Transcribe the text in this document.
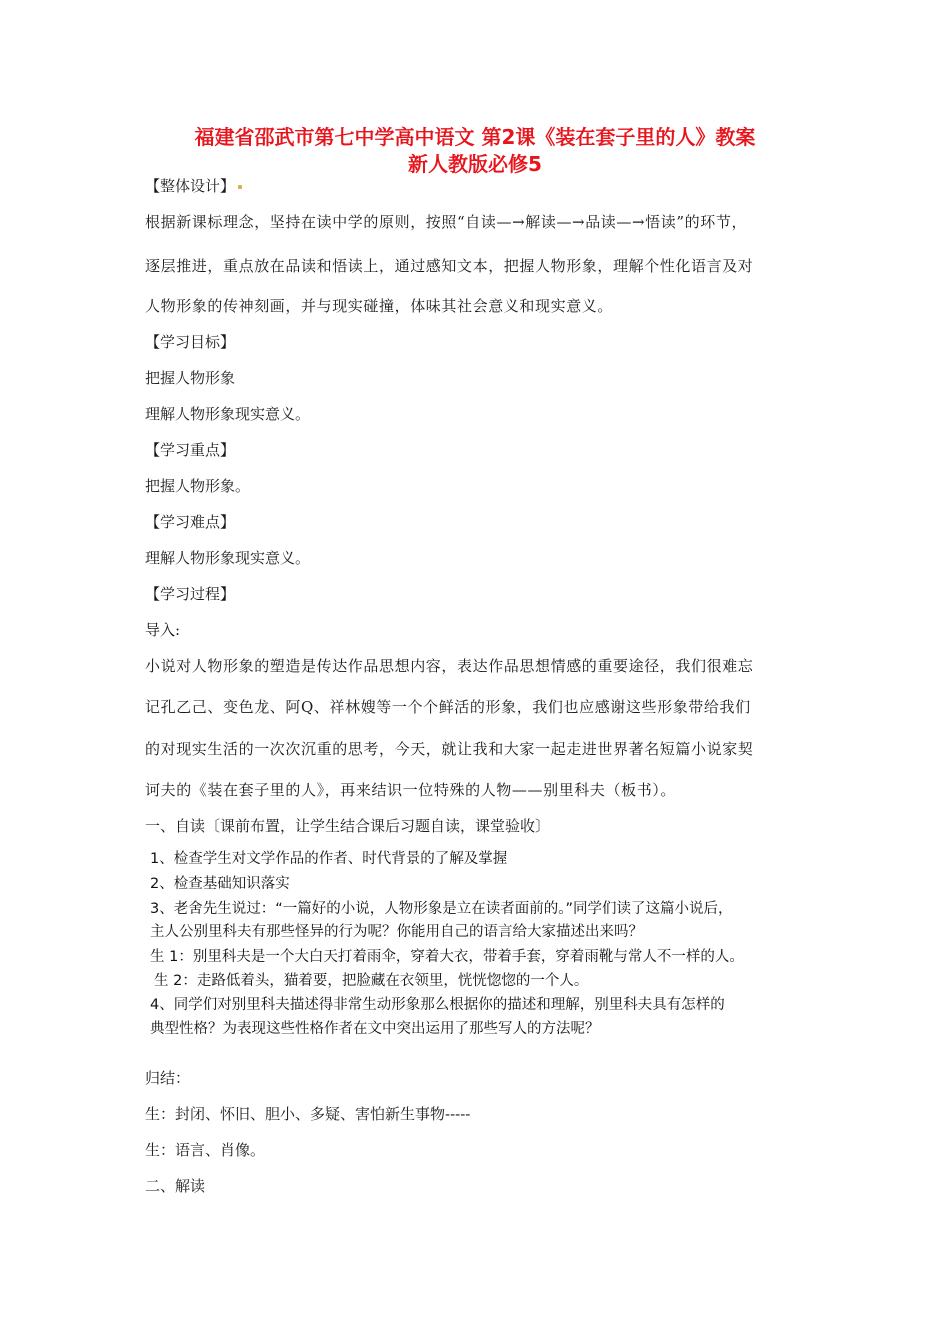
福建省邵武市第七中学高中语文 第2课《装在套子里的人》教案
新人教版必修5
【整体设计】
根据新课标理念，坚持在读中学的原则，按照“自读—→解读—→品读—→悟读”的环节，
逐层推进，重点放在品读和悟读上，通过感知文本，把握人物形象，理解个性化语言及对
人物形象的传神刻画，并与现实碰撞，体味其社会意义和现实意义。
【学习目标】
把握人物形象
理解人物形象现实意义。
【学习重点】
把握人物形象。
【学习难点】
理解人物形象现实意义。
【学习过程】
导入:
小说对人物形象的塑造是传达作品思想内容，表达作品思想情感的重要途径，我们很难忘
记孔乙己、变色龙、阿Q、祥林嫂等一个个鲜活的形象，我们也应感谢这些形象带给我们
的对现实生活的一次次沉重的思考，今天，就让我和大家一起走进世界著名短篇小说家契
诃夫的《装在套子里的人》，再来结识一位特殊的人物——别里科夫（板书）。
一、自读〔课前布置，让学生结合课后习题自读，课堂验收〕
1、检查学生对文学作品的作者、时代背景的了解及掌握
2、检查基础知识落实
3、老舍先生说过：“一篇好的小说，人物形象是立在读者面前的。”同学们读了这篇小说后，
主人公别里科夫有那些怪异的行为呢？你能用自己的语言给大家描述出来吗？
生 1：别里科夫是一个大白天打着雨伞，穿着大衣，带着手套，穿着雨靴与常人不一样的人。
生 2：走路低着头，猫着要，把脸藏在衣领里，恍恍惚惚的一个人。
4、同学们对别里科夫描述得非常生动形象那么根据你的描述和理解，别里科夫具有怎样的
典型性格？为表现这些性格作者在文中突出运用了那些写人的方法呢？
归结：
生：封闭、怀旧、胆小、多疑、害怕新生事物-----
生：语言、肖像。
二、解读
